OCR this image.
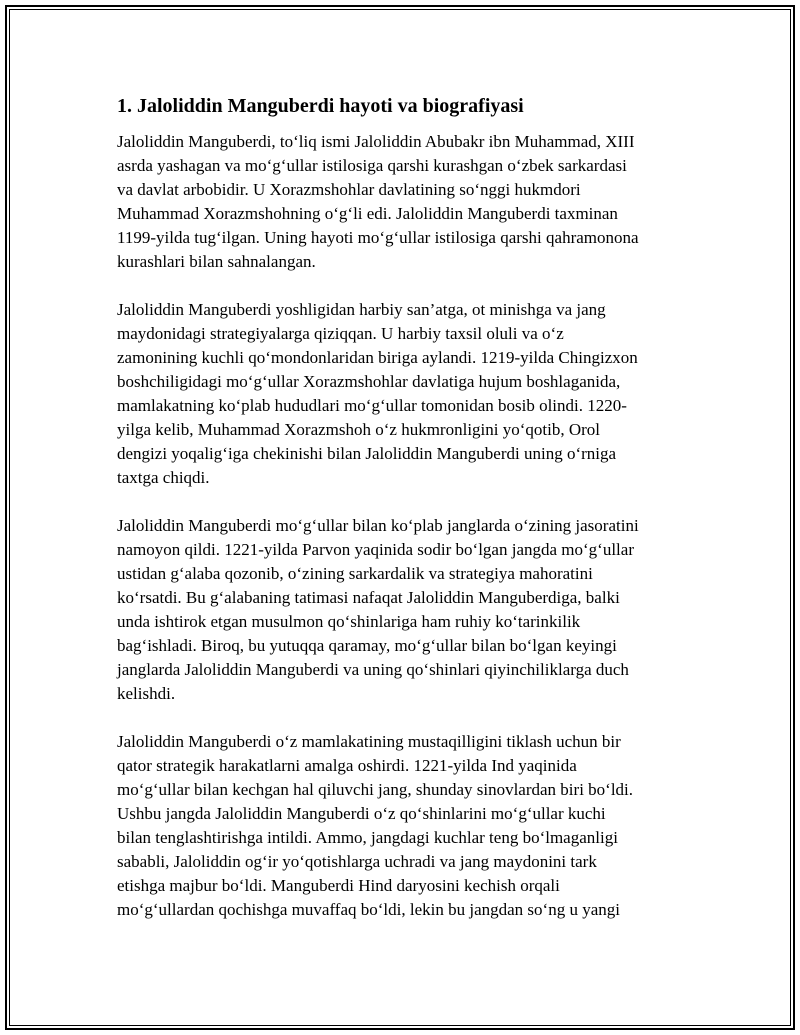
1. Jaloliddin Manguberdi hayoti va biografiyasi

Jaloliddin Manguberdi, to‘liq ismi Jaloliddin Abubakr ibn Muhammad, XIII
asrda yashagan va mo‘g‘ullar istilosiga qarshi kurashgan o‘zbek sarkardasi
va davlat arbobidir. U Xorazmshohlar davlatining so‘nggi hukmdori
Muhammad Xorazmshohning o‘g‘li edi. Jaloliddin Manguberdi taxminan
1199-yilda tug‘ilgan. Uning hayoti mo‘g‘ullar istilosiga qarshi qahramonona
kurashlari bilan sahnalangan.

Jaloliddin Manguberdi yoshligidan harbiy san’atga, ot minishga va jang
maydonidagi strategiyalarga qiziqqan. U harbiy taxsil oluli va o‘z
zamonining kuchli qo‘mondonlaridan biriga aylandi. 1219-yilda Chingizxon
boshchiligidagi mo‘g‘ullar Xorazmshohlar davlatiga hujum boshlaganida,
mamlakatning ko‘plab hududlari mo‘g‘ullar tomonidan bosib olindi. 1220-
yilga kelib, Muhammad Xorazmshoh o‘z hukmronligini yo‘qotib, Orol
dengizi yoqalig‘iga chekinishi bilan Jaloliddin Manguberdi uning o‘rniga
taxtga chiqdi.

Jaloliddin Manguberdi mo‘g‘ullar bilan ko‘plab janglarda o‘zining jasoratini
namoyon qildi. 1221-yilda Parvon yaqinida sodir bo‘lgan jangda mo‘g‘ullar
ustidan g‘alaba qozonib, o‘zining sarkardalik va strategiya mahoratini
ko‘rsatdi. Bu g‘alabaning tatimasi nafaqat Jaloliddin Manguberdiga, balki
unda ishtirok etgan musulmon qo‘shinlariga ham ruhiy ko‘tarinkilik
bag‘ishladi. Biroq, bu yutuqqa qaramay, mo‘g‘ullar bilan bo‘lgan keyingi
janglarda Jaloliddin Manguberdi va uning qo‘shinlari qiyinchiliklarga duch
kelishdi.

Jaloliddin Manguberdi o‘z mamlakatining mustaqilligini tiklash uchun bir
qator strategik harakatlarni amalga oshirdi. 1221-yilda Ind yaqinida
mo‘g‘ullar bilan kechgan hal qiluvchi jang, shunday sinovlardan biri bo‘ldi.
Ushbu jangda Jaloliddin Manguberdi o‘z qo‘shinlarini mo‘g‘ullar kuchi
bilan tenglashtirishga intildi. Ammo, jangdagi kuchlar teng bo‘lmaganligi
sababli, Jaloliddin og‘ir yo‘qotishlarga uchradi va jang maydonini tark
etishga majbur bo‘ldi. Manguberdi Hind daryosini kechish orqali
mo‘g‘ullardan qochishga muvaffaq bo‘ldi, lekin bu jangdan so‘ng u yangi
